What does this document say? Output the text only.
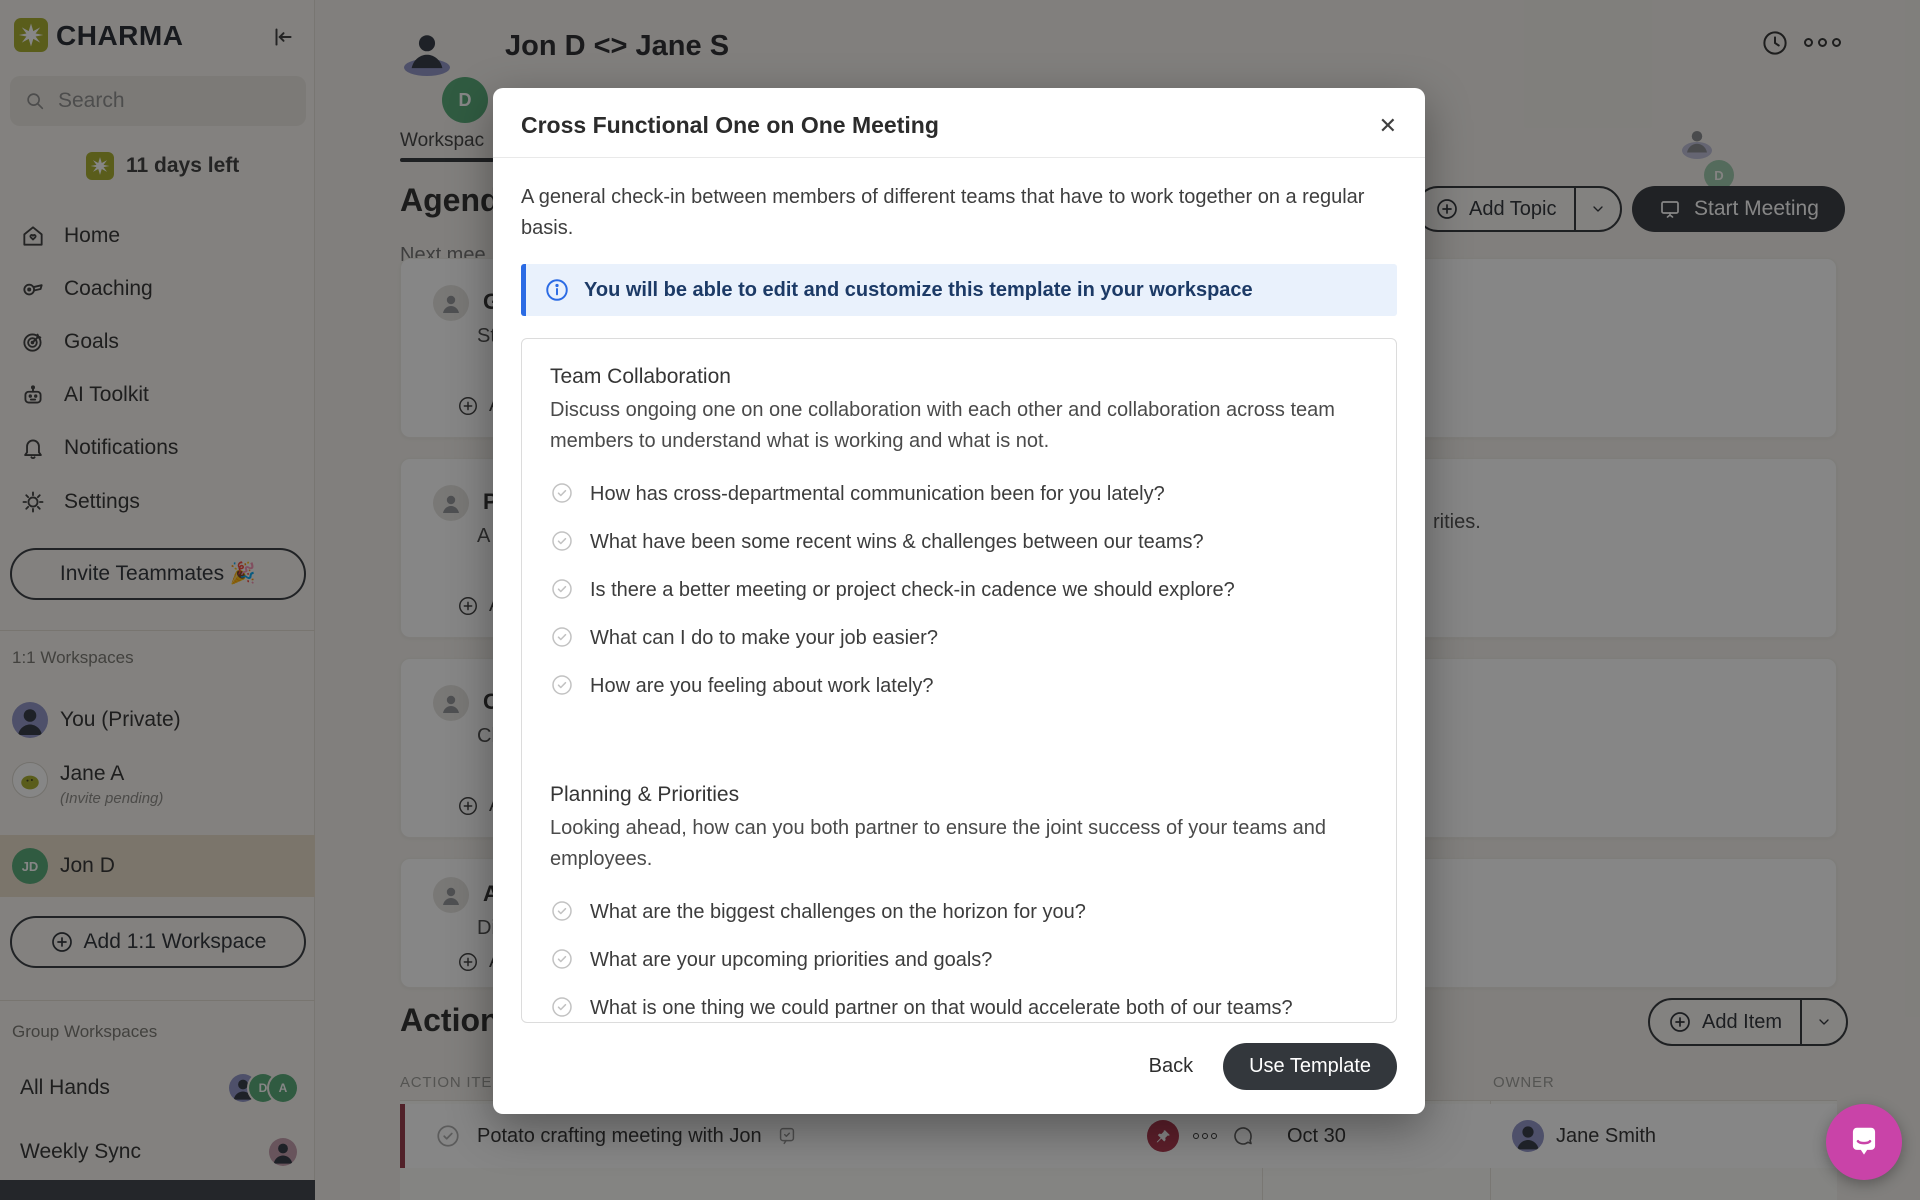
Cross Functional One on One Meeting	✕

A general check-in between members of different teams that have to work together on a regular basis.

You will be able to edit and customize this template in your workspace
Team Collaboration
Discuss ongoing one on one collaboration with each other and collaboration across team members to understand what is working and what is not.
How has cross-departmental communication been for you lately?
What have been some recent wins & challenges between our teams?
Is there a better meeting or project check-in cadence we should explore?
What can I do to make your job easier?
How are you feeling about work lately?
Planning & Priorities
Looking ahead, how can you both partner to ensure the joint success of your teams and employees.
What are the biggest challenges on the horizon for you?
What are your upcoming priorities and goals?
What is one thing we could partner on that would accelerate both of our teams?
Back	Use Template
